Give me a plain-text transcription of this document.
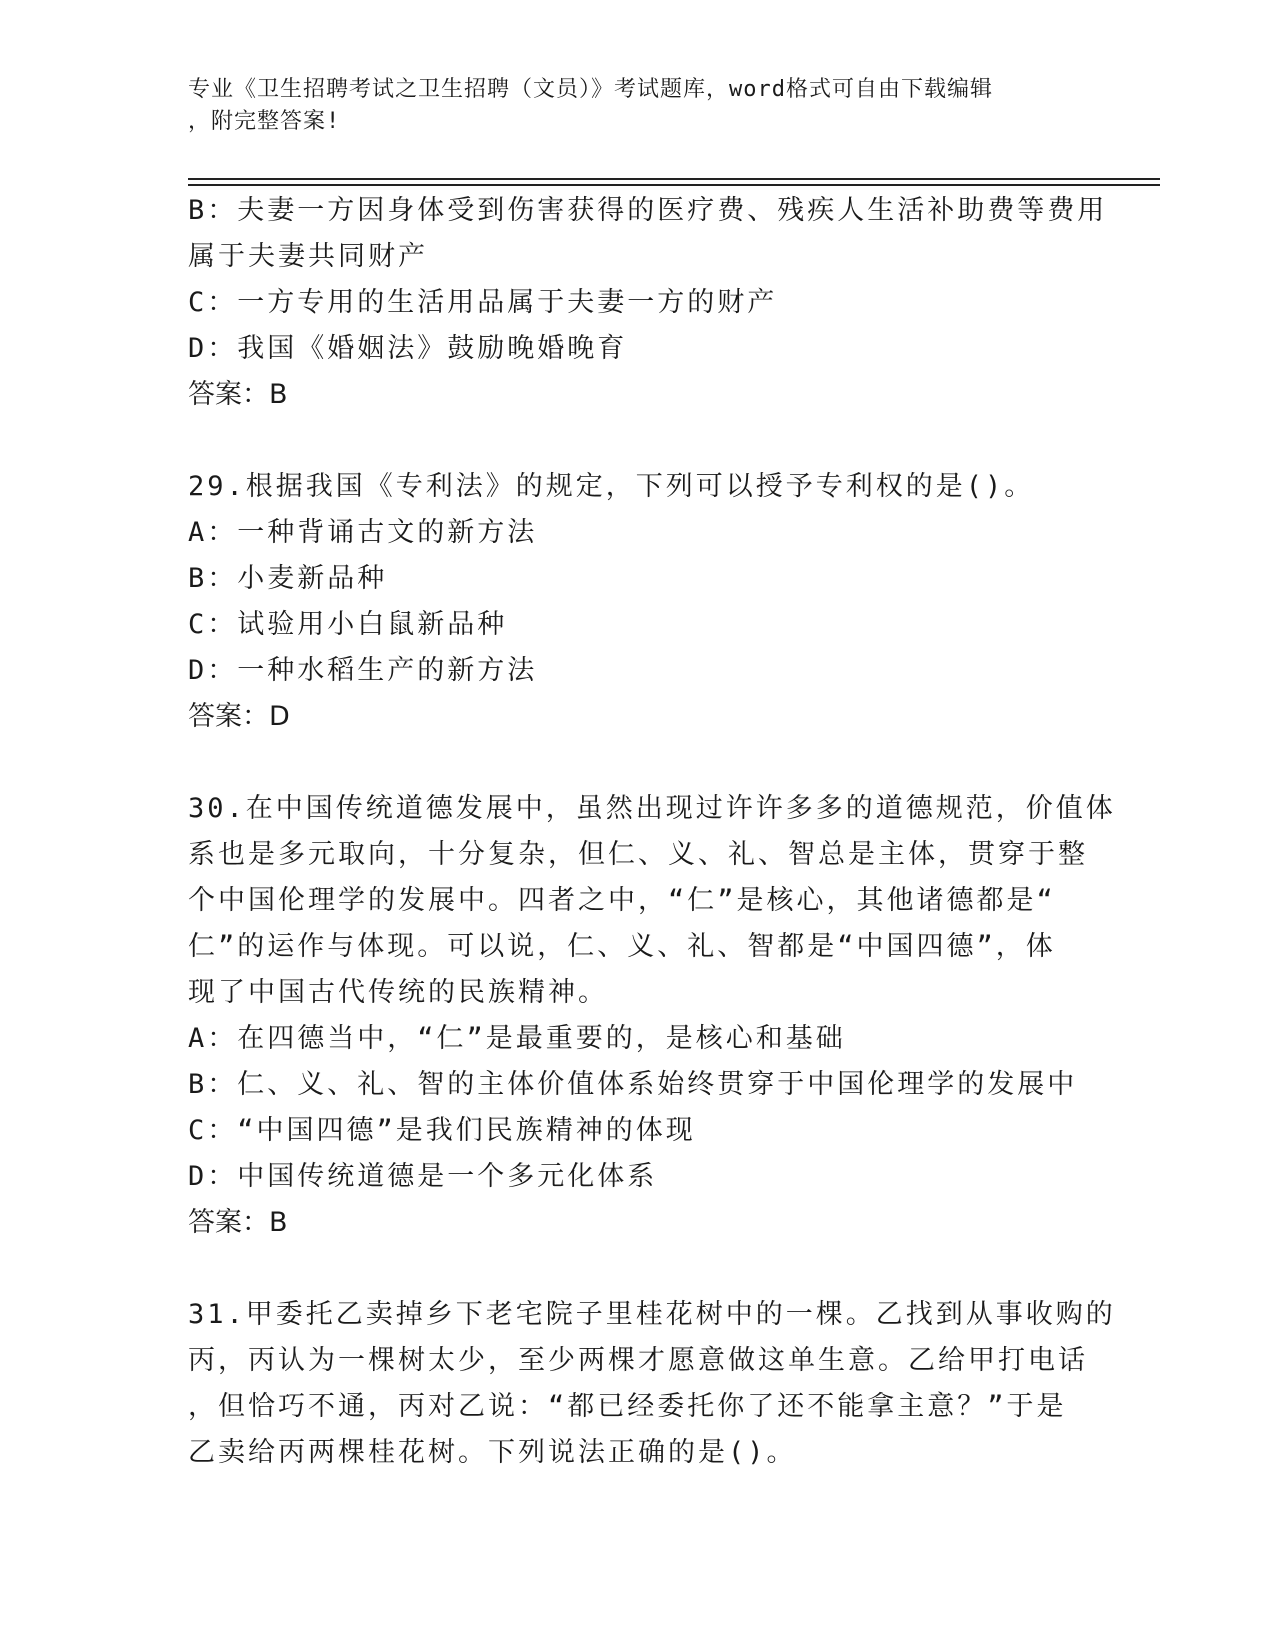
专业《卫生招聘考试之卫生招聘（文员）》考试题库，word格式可自由下载编辑
，附完整答案!
B：夫妻一方因身体受到伤害获得的医疗费、残疾人生活补助费等费用
属于夫妻共同财产
C：一方专用的生活用品属于夫妻一方的财产
D：我国《婚姻法》鼓励晚婚晚育
答案：B
29.根据我国《专利法》的规定，下列可以授予专利权的是()。
A：一种背诵古文的新方法
B：小麦新品种
C：试验用小白鼠新品种
D：一种水稻生产的新方法
答案：D
30.在中国传统道德发展中，虽然出现过许许多多的道德规范，价值体
系也是多元取向，十分复杂，但仁、义、礼、智总是主体，贯穿于整
个中国伦理学的发展中。四者之中，“仁”是核心，其他诸德都是“
仁”的运作与体现。可以说，仁、义、礼、智都是“中国四德”，体
现了中国古代传统的民族精神。
A：在四德当中，“仁”是最重要的，是核心和基础
B：仁、义、礼、智的主体价值体系始终贯穿于中国伦理学的发展中
C：“中国四德”是我们民族精神的体现
D：中国传统道德是一个多元化体系
答案：B
31.甲委托乙卖掉乡下老宅院子里桂花树中的一棵。乙找到从事收购的
丙，丙认为一棵树太少，至少两棵才愿意做这单生意。乙给甲打电话
，但恰巧不通，丙对乙说：“都已经委托你了还不能拿主意？”于是
乙卖给丙两棵桂花树。下列说法正确的是()。
